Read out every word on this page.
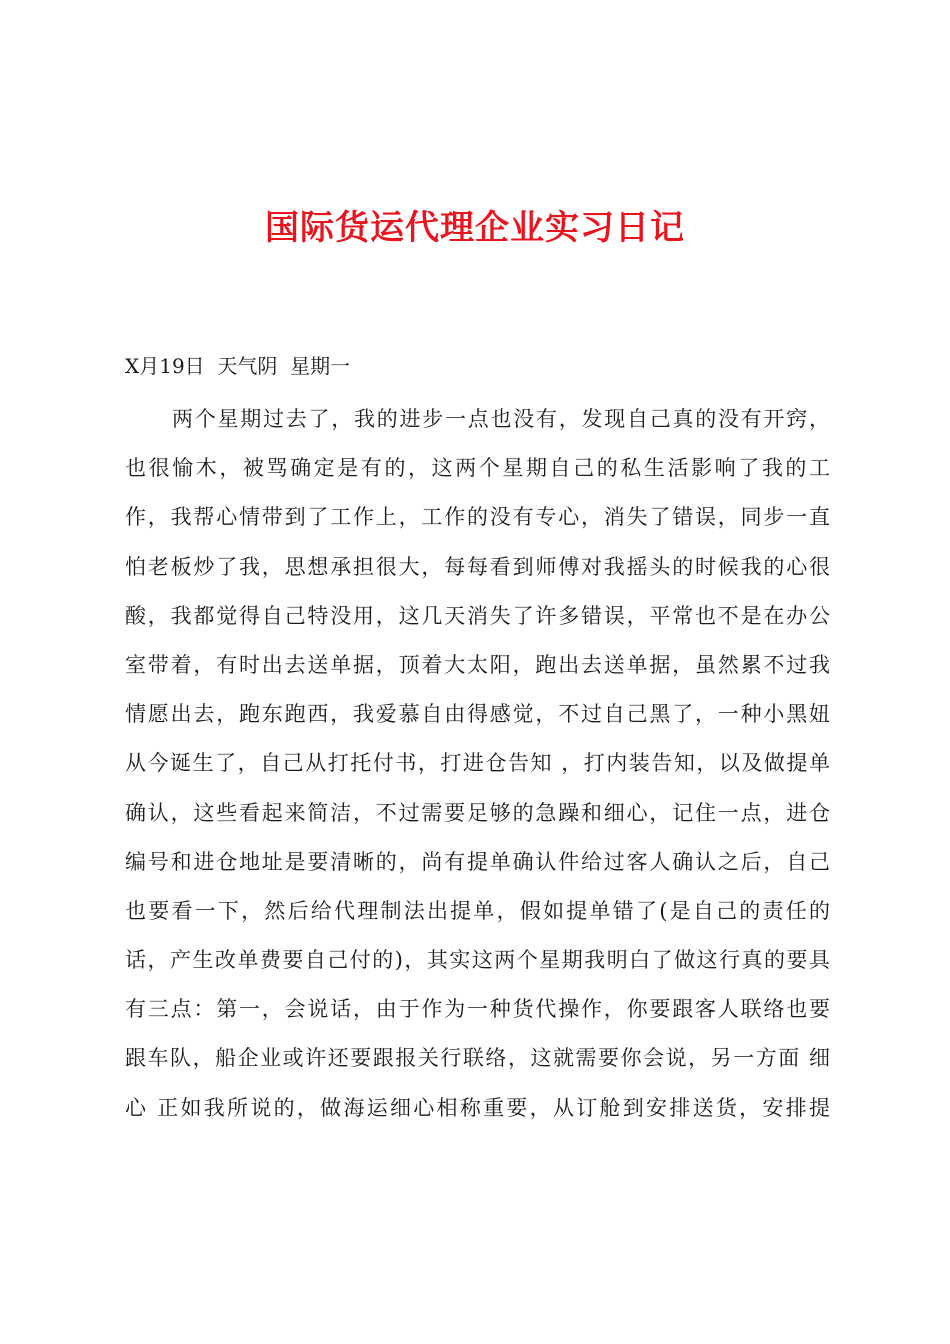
国际货运代理企业实习日记

X月19日  天气阴  星期一

两个星期过去了，我的进步一点也没有，发现自己真的没有开窍，
也很愉木，被骂确定是有的，这两个星期自己的私生活影响了我的工
作，我帮心情带到了工作上，工作的没有专心，消失了错误，同步一直
怕老板炒了我，思想承担很大，每每看到师傅对我摇头的时候我的心很
酸，我都觉得自己特没用，这几天消失了许多错误，平常也不是在办公
室带着，有时出去送单据，顶着大太阳，跑出去送单据，虽然累不过我
情愿出去，跑东跑西，我爱慕自由得感觉，不过自己黑了，一种小黑妞
从今诞生了，自己从打托付书，打进仓告知 ，打内装告知，以及做提单
确认，这些看起来简洁，不过需要足够的急躁和细心，记住一点，进仓
编号和进仓地址是要清晰的，尚有提单确认件给过客人确认之后，自己
也要看一下，然后给代理制法出提单，假如提单错了(是自己的责任的
话，产生改单费要自己付的)，其实这两个星期我明白了做这行真的要具
有三点：第一，会说话，由于作为一种货代操作，你要跟客人联络也要
跟车队，船企业或许还要跟报关行联络，这就需要你会说，另一方面 细
心 正如我所说的，做海运细心相称重要，从订舱到安排送货，安排提
